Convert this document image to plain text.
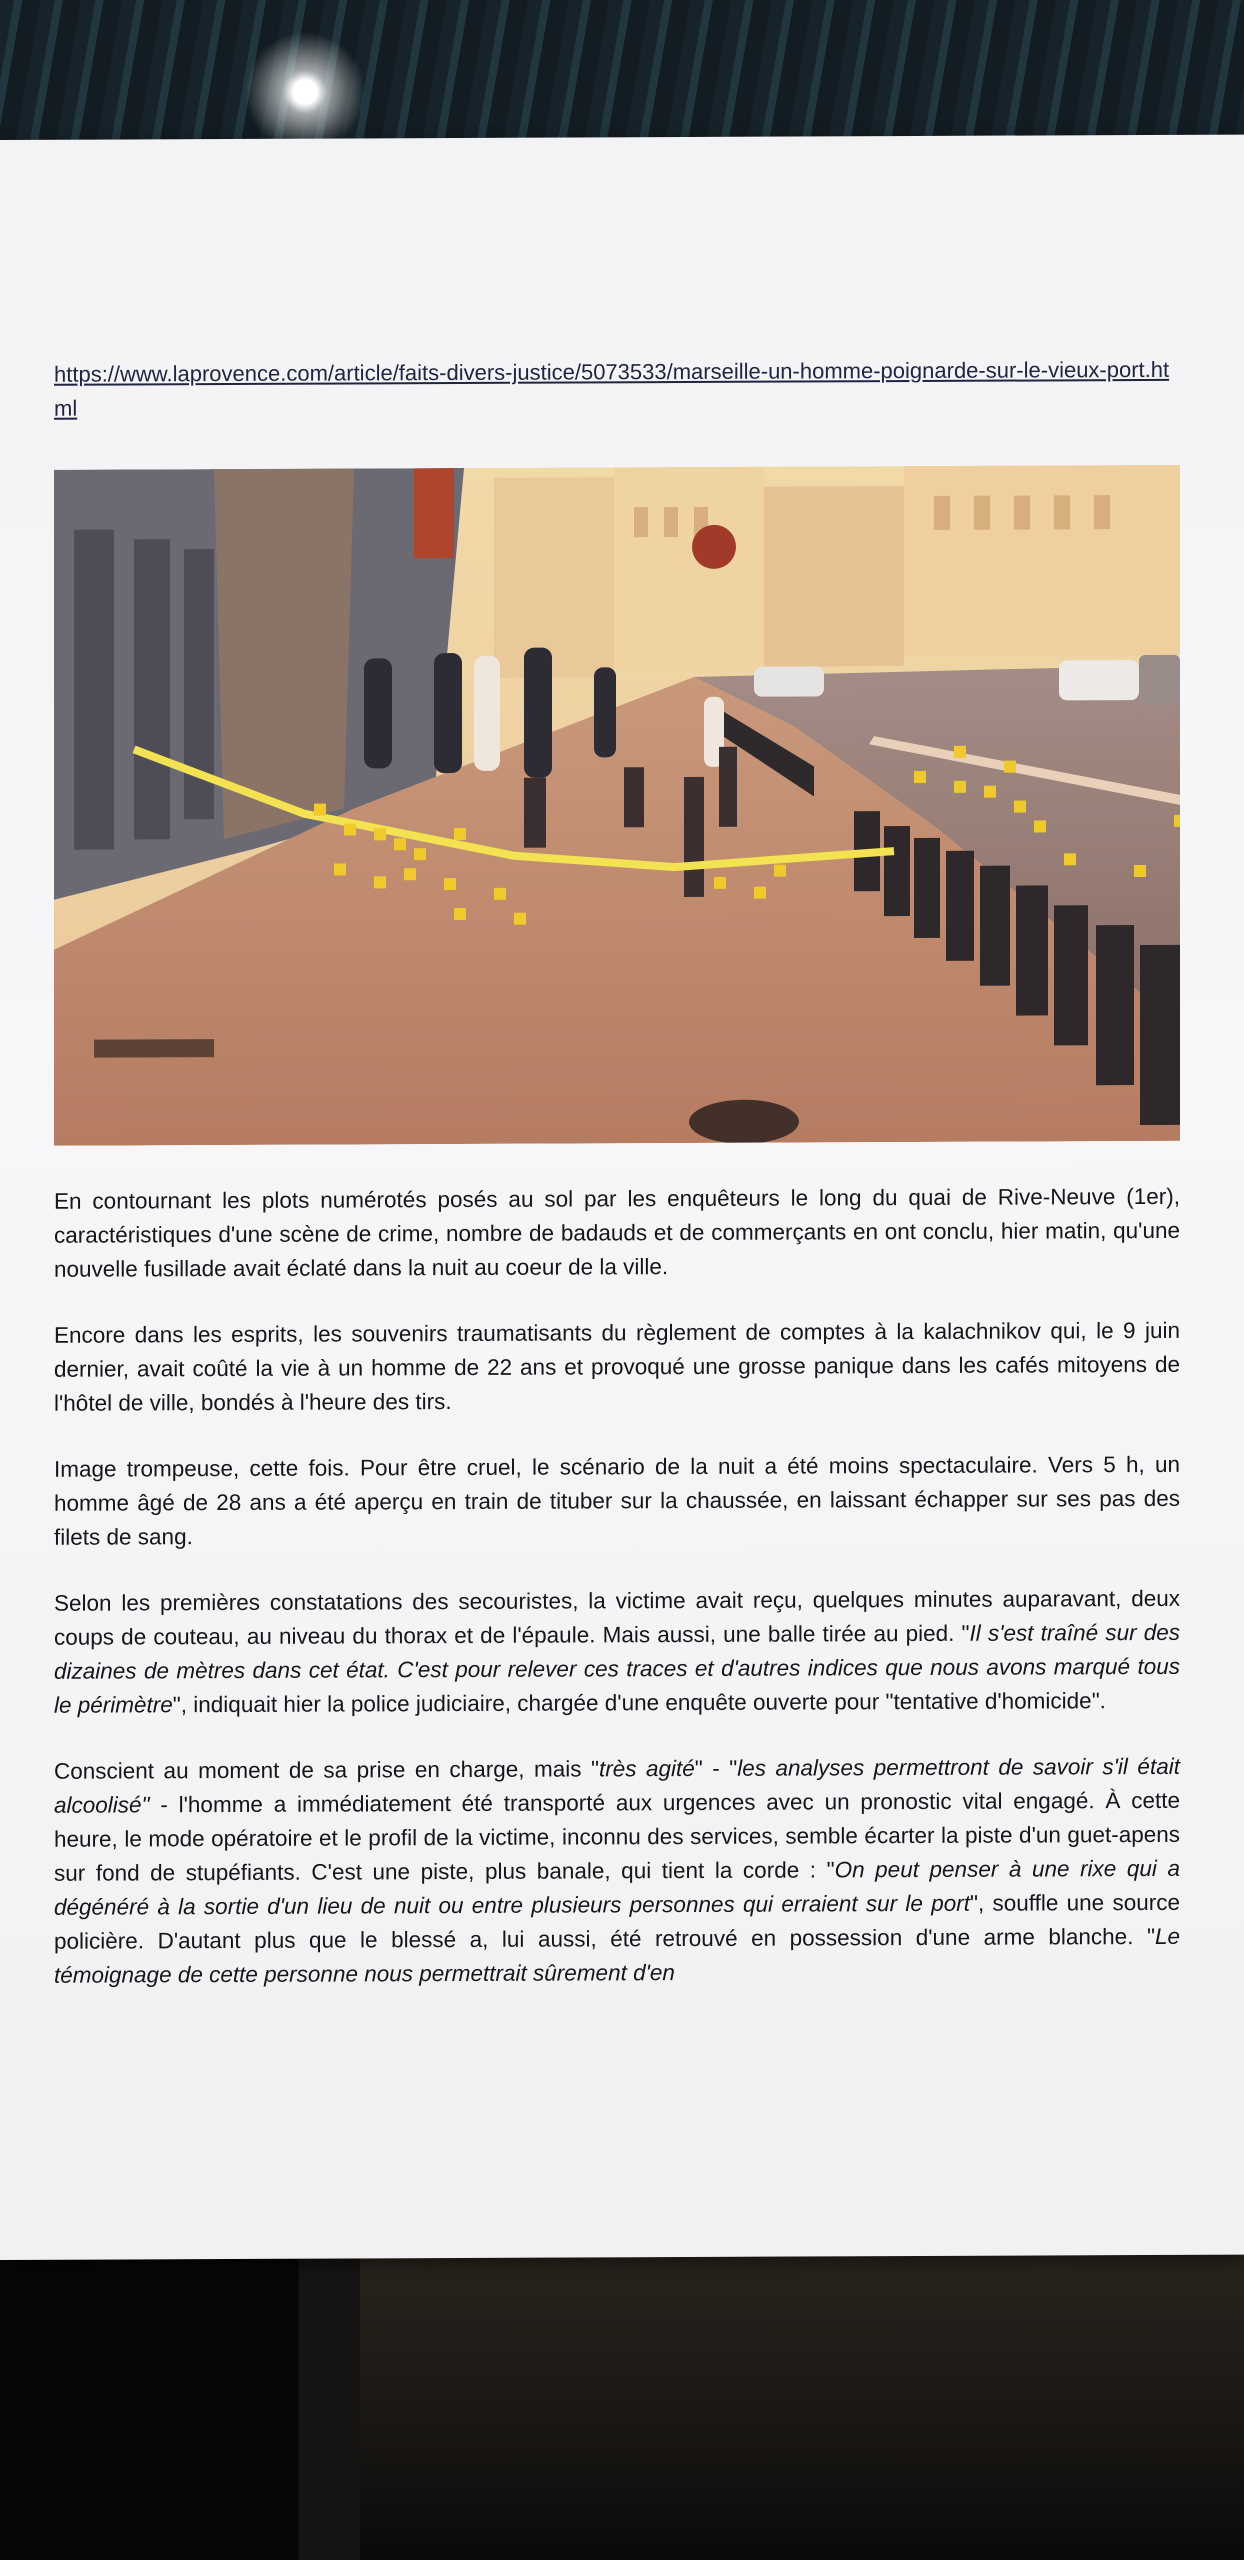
https://www.laprovence.com/article/faits-divers-justice/5073533/marseille-un-homme-poignarde-sur-le-vieux-port.html

En contournant les plots numérotés posés au sol par les enquêteurs le long du quai de Rive-Neuve (1er), caractéristiques d'une scène de crime, nombre de badauds et de commerçants en ont conclu, hier matin, qu'une nouvelle fusillade avait éclaté dans la nuit au coeur de la ville.

Encore dans les esprits, les souvenirs traumatisants du règlement de comptes à la kalachnikov qui, le 9 juin dernier, avait coûté la vie à un homme de 22 ans et provoqué une grosse panique dans les cafés mitoyens de l'hôtel de ville, bondés à l'heure des tirs.

Image trompeuse, cette fois. Pour être cruel, le scénario de la nuit a été moins spectaculaire. Vers 5 h, un homme âgé de 28 ans a été aperçu en train de tituber sur la chaussée, en laissant échapper sur ses pas des filets de sang.

Selon les premières constatations des secouristes, la victime avait reçu, quelques minutes auparavant, deux coups de couteau, au niveau du thorax et de l'épaule. Mais aussi, une balle tirée au pied. "Il s'est traîné sur des dizaines de mètres dans cet état. C'est pour relever ces traces et d'autres indices que nous avons marqué tous le périmètre", indiquait hier la police judiciaire, chargée d'une enquête ouverte pour "tentative d'homicide".

Conscient au moment de sa prise en charge, mais "très agité" - "les analyses permettront de savoir s'il était alcoolisé" - l'homme a immédiatement été transporté aux urgences avec un pronostic vital engagé. À cette heure, le mode opératoire et le profil de la victime, inconnu des services, semble écarter la piste d'un guet-apens sur fond de stupéfiants. C'est une piste, plus banale, qui tient la corde : "On peut penser à une rixe qui a dégénéré à la sortie d'un lieu de nuit ou entre plusieurs personnes qui erraient sur le port", souffle une source policière. D'autant plus que le blessé a, lui aussi, été retrouvé en possession d'une arme blanche. "Le témoignage de cette personne nous permettrait sûrement d'en
